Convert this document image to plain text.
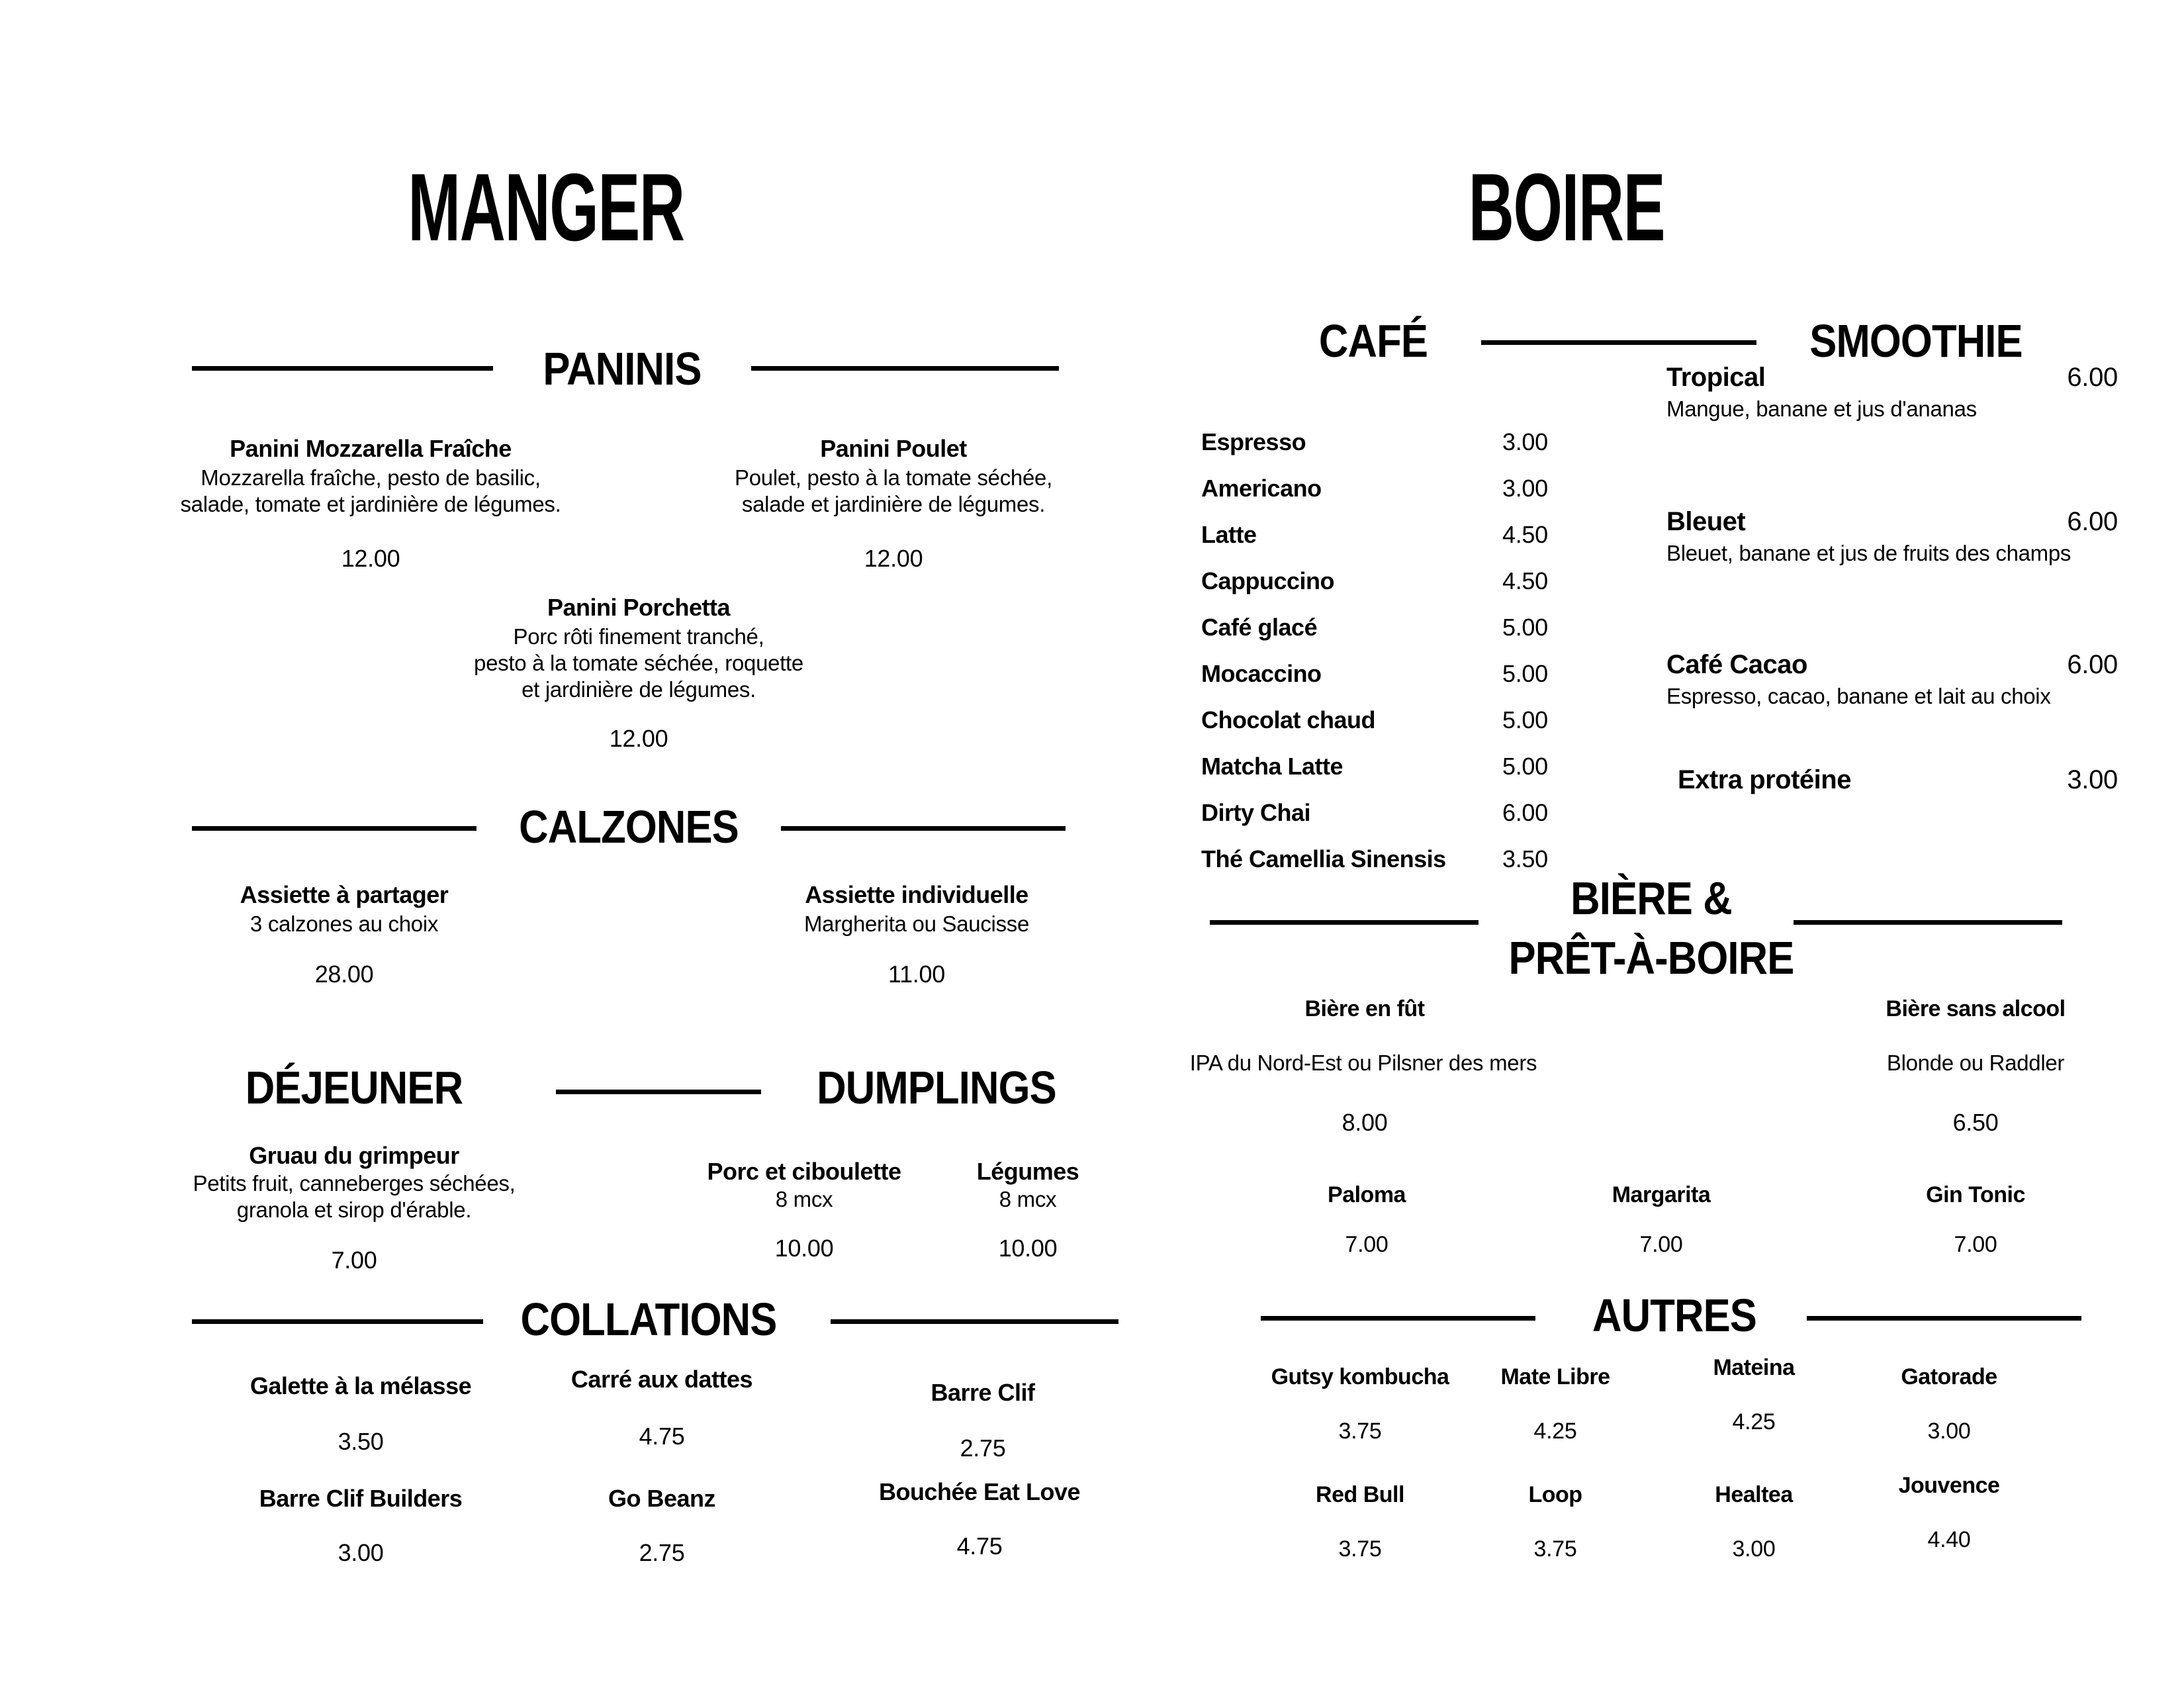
MANGER
PANINIS
Panini Mozzarella Fraîche
Mozzarella fraîche, pesto de basilic,
salade, tomate et jardinière de légumes.
12.00
Panini Poulet
Poulet, pesto à la tomate séchée,
salade et jardinière de légumes.
12.00
Panini Porchetta
Porc rôti finement tranché,
pesto à la tomate séchée, roquette
et jardinière de légumes.
12.00
CALZONES
Assiette à partager
3 calzones au choix
28.00
Assiette individuelle
Margherita ou Saucisse
11.00
DÉJEUNER	DUMPLINGS
Gruau du grimpeur
Petits fruit, canneberges séchées,
granola et sirop d'érable.
7.00
Porc et ciboulette
8 mcx
10.00
Légumes
8 mcx
10.00
COLLATIONS
Galette à la mélasse
3.50
Carré aux dattes
4.75
Barre Clif
2.75
Barre Clif Builders
3.00
Go Beanz
2.75
Bouchée Eat Love
4.75
BOIRE
CAFÉ	SMOOTHIE
Espresso	3.00
Americano	3.00
Latte	4.50
Cappuccino	4.50
Café glacé	5.00
Mocaccino	5.00
Chocolat chaud	5.00
Matcha Latte	5.00
Dirty Chai	6.00
Thé Camellia Sinensis	3.50
Tropical	6.00
Mangue, banane et jus d'ananas
Bleuet	6.00
Bleuet, banane et jus de fruits des champs
Café Cacao	6.00
Espresso, cacao, banane et lait au choix
Extra protéine	3.00
BIÈRE &
PRÊT-À-BOIRE
Bière en fût
IPA du Nord-Est ou Pilsner des mers
8.00
Bière sans alcool
Blonde ou Raddler
6.50
Paloma
7.00
Margarita
7.00
Gin Tonic
7.00
AUTRES
Gutsy kombucha
3.75
Mate Libre
4.25
Mateina
4.25
Gatorade
3.00
Red Bull
3.75
Loop
3.75
Healtea
3.00
Jouvence
4.40
